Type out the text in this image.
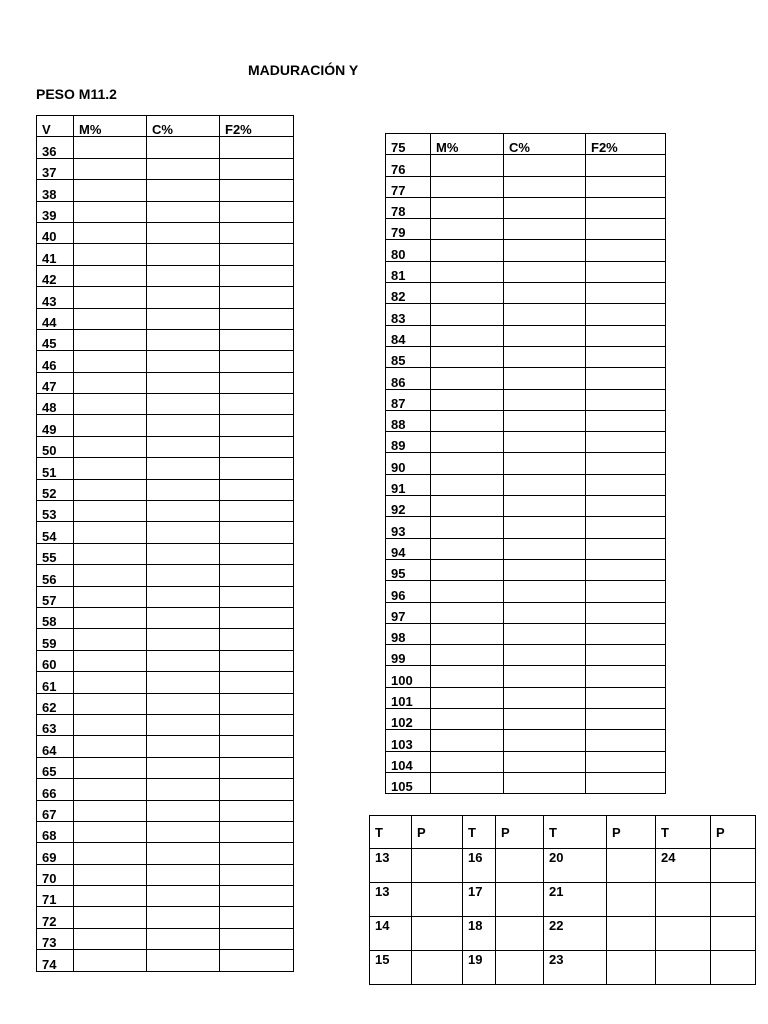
MADURACIÓN Y
PESO M11.2
V	M%	C%	F2%
36			
37			
38			
39			
40			
41			
42			
43			
44			
45			
46			
47			
48			
49			
50			
51			
52			
53			
54			
55			
56			
57			
58			
59			
60			
61			
62			
63			
64			
65			
66			
67			
68			
69			
70			
71			
72			
73			
74			
75	M%	C%	F2%
76			
77			
78			
79			
80			
81			
82			
83			
84			
85			
86			
87			
88			
89			
90			
91			
92			
93			
94			
95			
96			
97			
98			
99			
100			
101			
102			
103			
104			
105			
T	P	T	P	T	P	T	P
13		16		20		24	
13		17		21			
14		18		22			
15		19		23			
